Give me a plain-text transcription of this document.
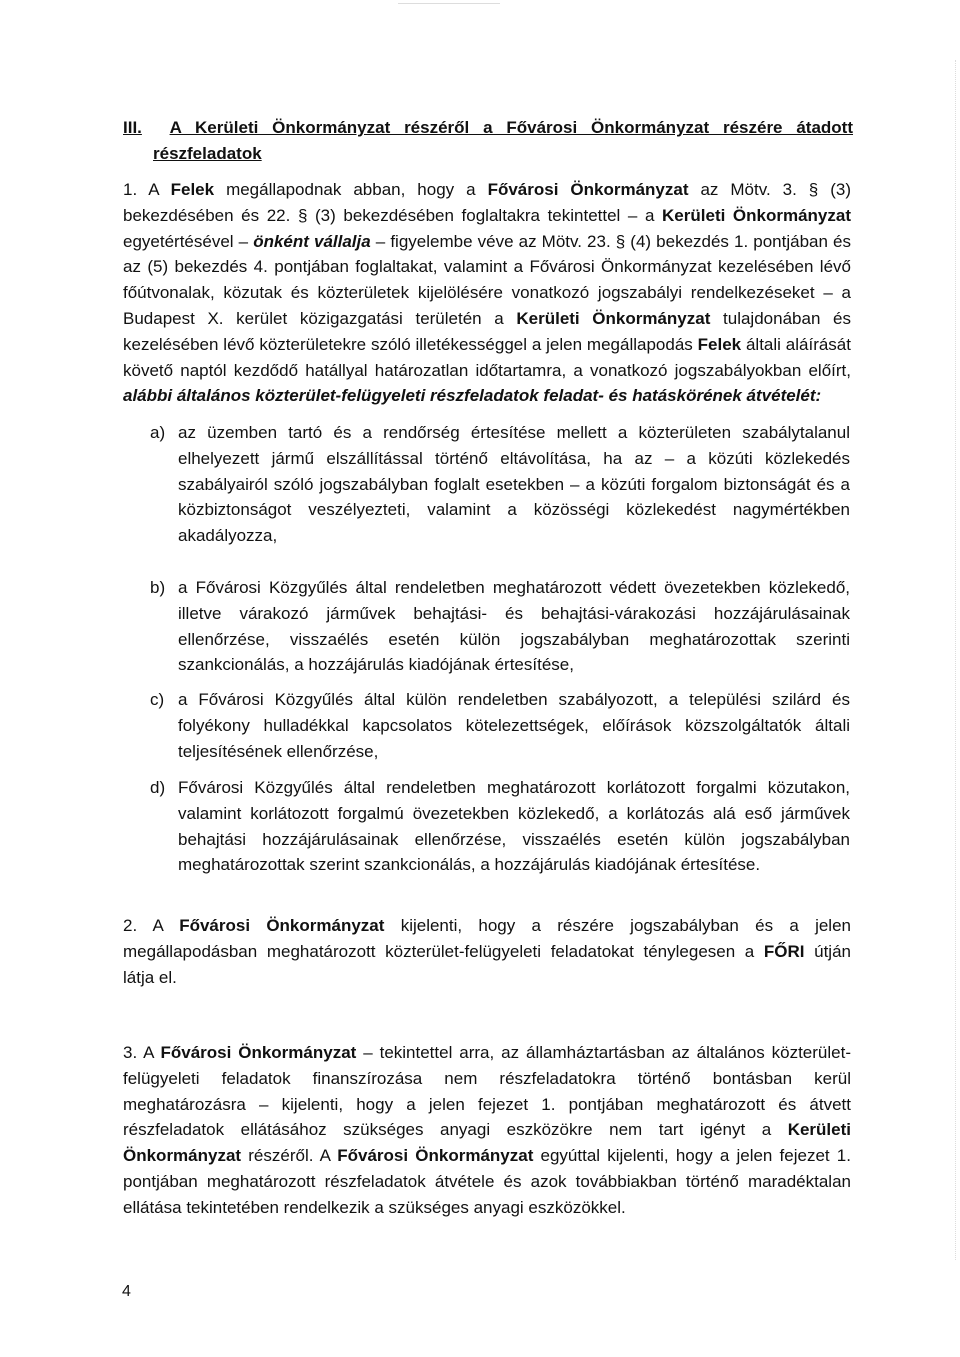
III. A Kerületi Önkormányzat részéről a Fővárosi Önkormányzat részére átadott
részfeladatok
1. A Felek megállapodnak abban, hogy a Fővárosi Önkormányzat az Mötv. 3. § (3) bekezdésében és 22. § (3) bekezdésében foglaltakra tekintettel – a Kerületi Önkormányzat egyetértésével – önként vállalja – figyelembe véve az Mötv. 23. § (4) bekezdés 1. pontjában és az (5) bekezdés 4. pontjában foglaltakat, valamint a Fővárosi Önkormányzat kezelésében lévő főútvonalak, közutak és közterületek kijelölésére vonatkozó jogszabályi rendelkezéseket – a Budapest X. kerület közigazgatási területén a Kerületi Önkormányzat tulajdonában és kezelésében lévő közterületekre szóló illetékességgel a jelen megállapodás Felek általi aláírását követő naptól kezdődő hatállyal határozatlan időtartamra, a vonatkozó jogszabályokban előírt, alábbi általános közterület-felügyeleti részfeladatok feladat- és hatáskörének átvételét:
a) az üzemben tartó és a rendőrség értesítése mellett a közterületen szabálytalanul elhelyezett jármű elszállítással történő eltávolítása, ha az – a közúti közlekedés szabályairól szóló jogszabályban foglalt esetekben – a közúti forgalom biztonságát és a közbiztonságot veszélyezteti, valamint a közösségi közlekedést nagymértékben akadályozza,
b) a Fővárosi Közgyűlés által rendeletben meghatározott védett övezetekben közlekedő, illetve várakozó járművek behajtási- és behajtási-várakozási hozzájárulásainak ellenőrzése, visszaélés esetén külön jogszabályban meghatározottak szerinti szankcionálás, a hozzájárulás kiadójának értesítése,
c) a Fővárosi Közgyűlés által külön rendeletben szabályozott, a települési szilárd és folyékony hulladékkal kapcsolatos kötelezettségek, előírások közszolgáltatók általi teljesítésének ellenőrzése,
d) Fővárosi Közgyűlés által rendeletben meghatározott korlátozott forgalmi közutakon, valamint korlátozott forgalmú övezetekben közlekedő, a korlátozás alá eső járművek behajtási hozzájárulásainak ellenőrzése, visszaélés esetén külön jogszabályban meghatározottak szerint szankcionálás, a hozzájárulás kiadójának értesítése.
2. A Fővárosi Önkormányzat kijelenti, hogy a részére jogszabályban és a jelen megállapodásban meghatározott közterület-felügyeleti feladatokat ténylegesen a FŐRI útján látja el.
3. A Fővárosi Önkormányzat – tekintettel arra, az államháztartásban az általános közterület-felügyeleti feladatok finanszírozása nem részfeladatokra történő bontásban kerül meghatározásra – kijelenti, hogy a jelen fejezet 1. pontjában meghatározott és átvett részfeladatok ellátásához szükséges anyagi eszközökre nem tart igényt a Kerületi Önkormányzat részéről. A Fővárosi Önkormányzat egyúttal kijelenti, hogy a jelen fejezet 1. pontjában meghatározott részfeladatok átvétele és azok továbbiakban történő maradéktalan ellátása tekintetében rendelkezik a szükséges anyagi eszközökkel.
4
